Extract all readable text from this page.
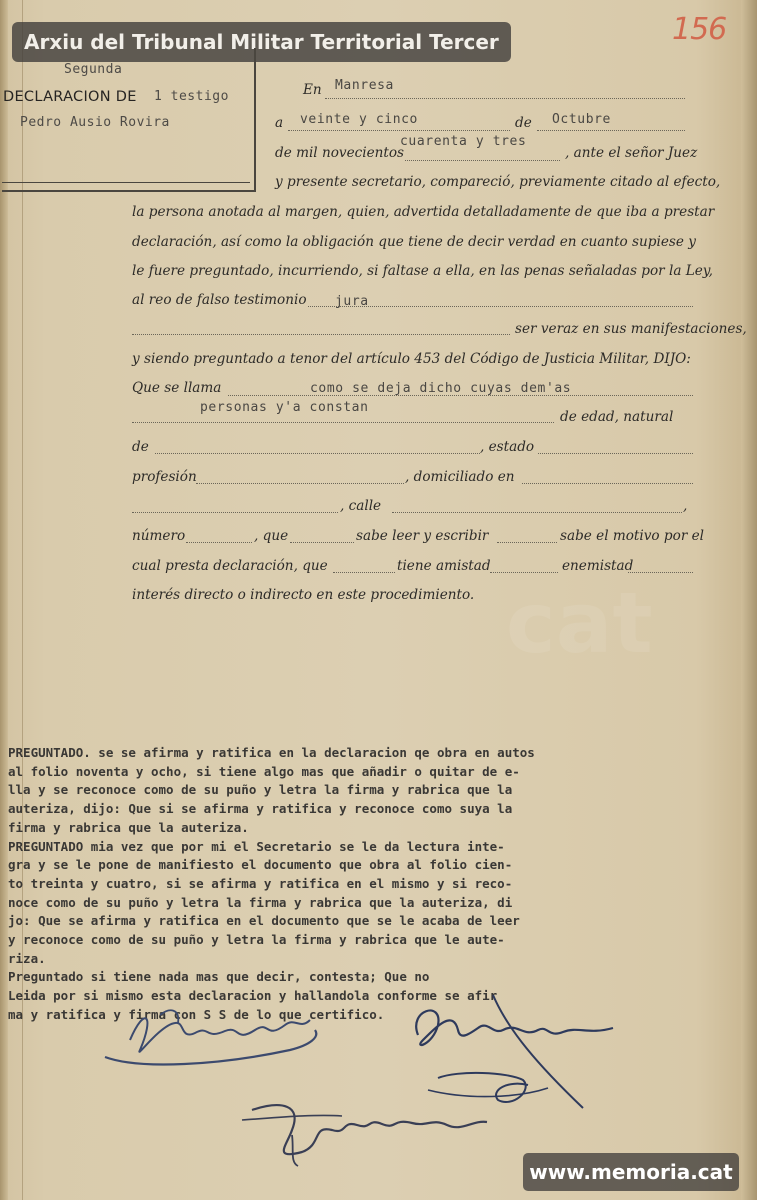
Arxiu del Tribunal Militar Territorial Tercer	156
Segunda
DECLARACION DE 1 testigo
Pedro Ausio Rovira
En Manresa
a veinte y cinco	de Octubre
de mil novecientos
cuarenta y tres
, ante el señor Juez
y presente secretario, compareció, previamente citado al efecto,
la persona anotada al margen, quien, advertida detalladamente de que iba a prestar
declaración, así como la obligación que tiene de decir verdad en cuanto supiese y
le fuere preguntado, incurriendo, si faltase a ella, en las penas señaladas por la Ley,
al reo de falso testimonio jura
ser veraz en sus manifestaciones,
y siendo preguntado a tenor del artículo 453 del Código de Justicia Militar, DIJO:
Que se llama	como se deja dicho cuyas dem'as
personas y'a constan
de edad, natural
de	, estado
profesión	, domiciliado en
, calle	,
número	, que	sabe leer y escribir	sabe el motivo por el
cual presta declaración, que	tiene amistad	enemistad
interés directo o indirecto en este procedimiento. cat

PREGUNTADO. se se afirma y ratifica en la declaracion qe obra en autos

al folio noventa y ocho, si tiene algo mas que añadir o quitar de e-

lla y se reconoce como de su puño y letra la firma y rabrica que la

auteriza, dijo: Que si se afirma y ratifica y reconoce como suya la

firma y rabrica que la auteriza.

PREGUNTADO mia vez que por mi el Secretario se le da lectura inte-

gra y se le pone de manifiesto el documento que obra al folio cien-

to treinta y cuatro, si se afirma y ratifica en el mismo y si reco-

noce como de su puño y letra la firma y rabrica que la auteriza, di

jo: Que se afirma y ratifica en el documento que se le acaba de leer

y reconoce como de su puño y letra la firma y rabrica que le aute-

riza.

Preguntado si tiene nada mas que decir, contesta; Que no

Leida por si mismo esta declaracion y hallandola conforme se afir

ma y ratifica y firma con S S de lo que certifico.

www.memoria.cat
